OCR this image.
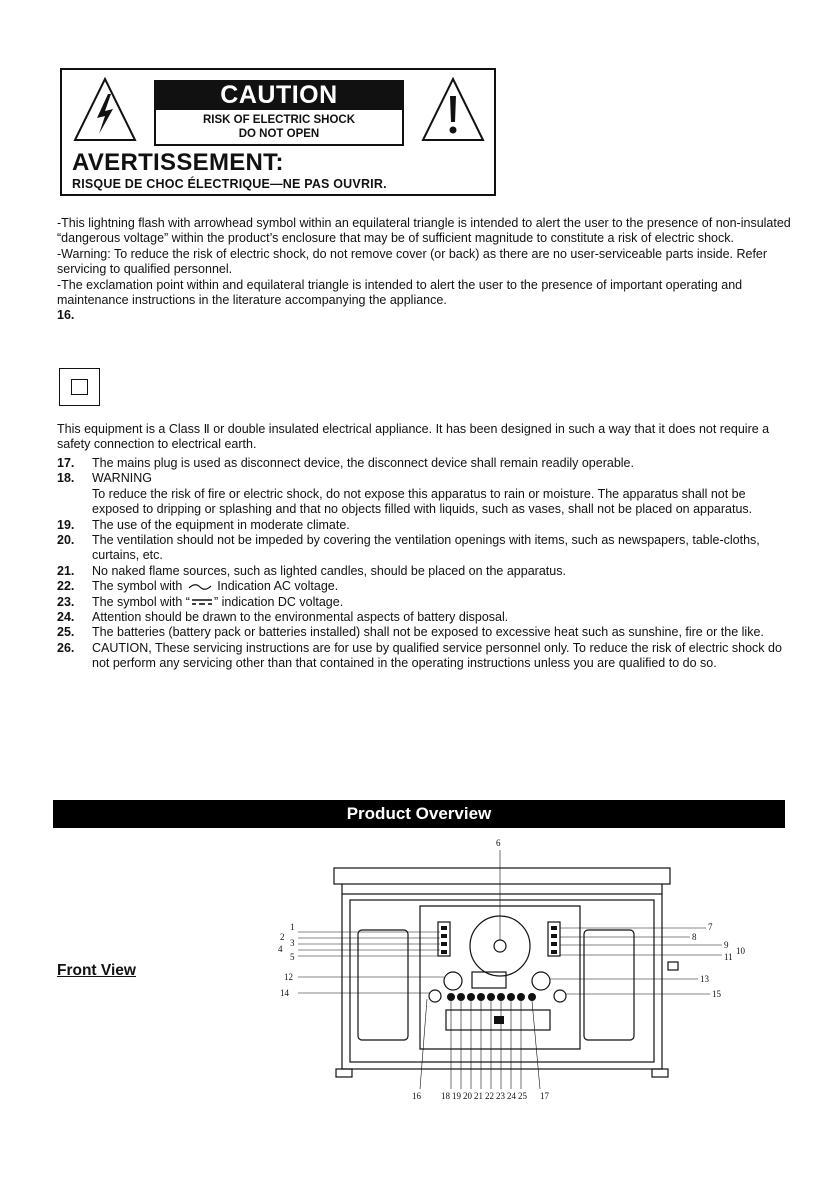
CAUTION
RISK OF ELECTRIC SHOCK
DO NOT OPEN
AVERTISSEMENT:
RISQUE DE CHOC ÉLECTRIQUE—NE PAS OUVRIR.
-This lightning flash with arrowhead symbol within an equilateral triangle is intended to alert the user to the presence of non-insulated “dangerous voltage” within the product’s enclosure that may be of sufficient magnitude to constitute a risk of electric shock.
-Warning: To reduce the risk of electric shock, do not remove cover (or back) as there are no user-serviceable parts inside. Refer servicing to qualified personnel.
-The exclamation point within and equilateral triangle is intended to alert the user to the presence of important operating and maintenance instructions in the literature accompanying the appliance.
16.
This equipment is a Class Ⅱ or double insulated electrical appliance. It has been designed in such a way that it does not require a safety connection to electrical earth.
17.	The mains plug is used as disconnect device, the disconnect device shall remain readily operable.
18.	WARNING
To reduce the risk of fire or electric shock, do not expose this apparatus to rain or moisture. The apparatus shall not be exposed to dripping or splashing and that no objects filled with liquids, such as vases, shall not be placed on apparatus.
19.	The use of the equipment in moderate climate.
20.	The ventilation should not be impeded by covering the ventilation openings with items, such as newspapers, table-cloths, curtains, etc.
21.	No naked flame sources, such as lighted candles, should be placed on the apparatus.
22.	The symbol with	Indication AC voltage.
23.	The symbol with “ ” indication DC voltage.
24.	Attention should be drawn to the environmental aspects of battery disposal.
25.	The batteries (battery pack or batteries installed) shall not be exposed to excessive heat such as sunshine, fire or the like.
26.	CAUTION, These servicing instructions are for use by qualified service personnel only. To reduce the risk of electric shock do not perform any servicing other than that contained in the operating instructions unless you are qualified to do so.
Product Overview
Front View
6
1
2
3
4
5
12
14
7
8
9
10
11
13
15
16 18 19 20 21 22 23 24 25 17
